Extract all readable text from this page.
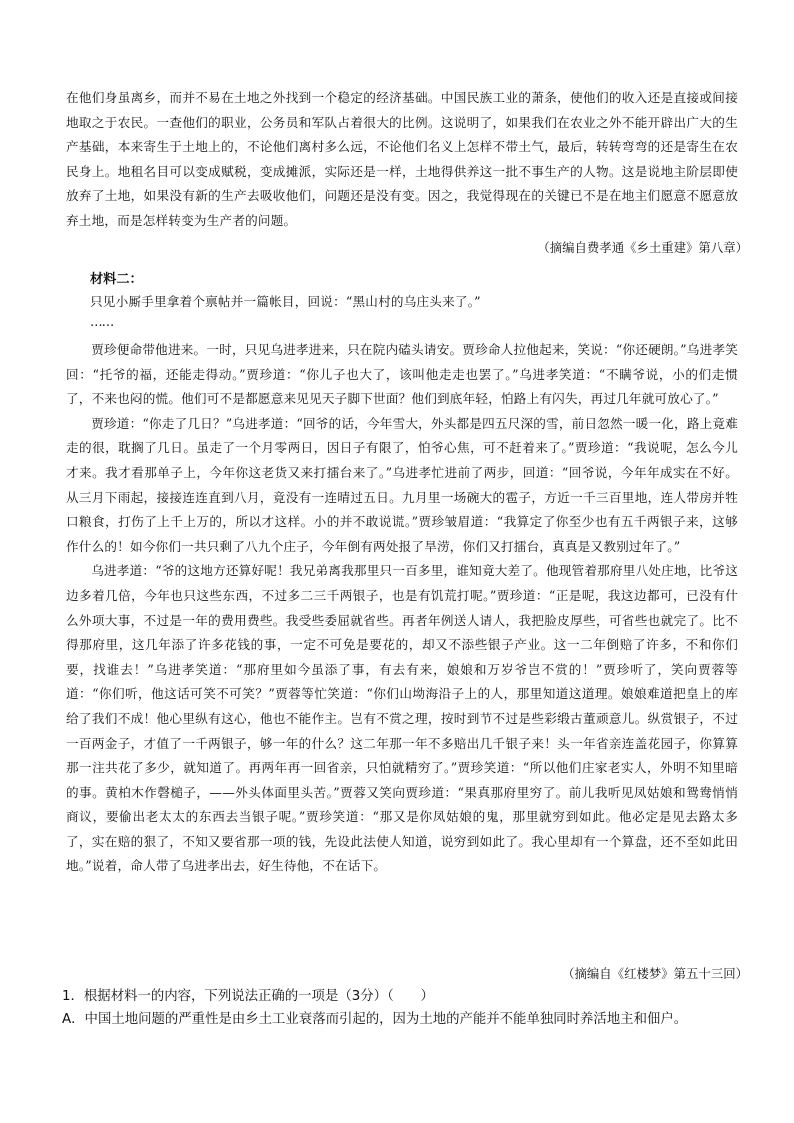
在他们身虽离乡，而并不易在土地之外找到一个稳定的经济基础。中国民族工业的萧条，使他们的收入还是直接或间接地取之于农民。一查他们的职业，公务员和军队占着很大的比例。这说明了，如果我们在农业之外不能开辟出广大的生产基础，本来寄生于土地上的，不论他们离村多么远，不论他们名义上怎样不带土气，最后，转转弯弯的还是寄生在农民身上。地租名目可以变成赋税，变成摊派，实际还是一样，土地得供养这一批不事生产的人物。这是说地主阶层即使放弃了土地，如果没有新的生产去吸收他们，问题还是没有变。因之，我觉得现在的关键已不是在地主们愿意不愿意放弃土地，而是怎样转变为生产者的问题。

（摘编自费孝通《乡土重建》第八章）
材料二：

只见小厮手里拿着个禀帖并一篇帐目，回说：“黑山村的乌庄头来了。”

……

贾珍便命带他进来。一时，只见乌进孝进来，只在院内磕头请安。贾珍命人拉他起来，笑说：“你还硬朗。”乌进孝笑回：“托爷的福，还能走得动。”贾珍道：“你儿子也大了，该叫他走走也罢了。”乌进孝笑道：“不瞒爷说，小的们走惯了，不来也闷的慌。他们可不是都愿意来见见天子脚下世面？他们到底年轻，怕路上有闪失，再过几年就可放心了。”

贾珍道：“你走了几日？”乌进孝道：“回爷的话，今年雪大，外头都是四五尺深的雪，前日忽然一暖一化，路上竟难走的很，耽搁了几日。虽走了一个月零两日，因日子有限了，怕爷心焦，可不赶着来了。”贾珍道：“我说呢，怎么今儿才来。我才看那单子上，今年你这老货又来打擂台来了。”乌进孝忙进前了两步，回道：“回爷说，今年年成实在不好。从三月下雨起，接接连连直到八月，竟没有一连晴过五日。九月里一场碗大的雹子，方近一千三百里地，连人带房并牲口粮食，打伤了上千上万的，所以才这样。小的并不敢说谎。”贾珍皱眉道：“我算定了你至少也有五千两银子来，这够作什么的！如今你们一共只剩了八九个庄子，今年倒有两处报了旱涝，你们又打擂台，真真是又教别过年了。”

乌进孝道：“爷的这地方还算好呢！我兄弟离我那里只一百多里，谁知竟大差了。他现管着那府里八处庄地，比爷这边多着几倍，今年也只这些东西，不过多二三千两银子，也是有饥荒打呢。”贾珍道：“正是呢，我这边都可，已没有什么外项大事，不过是一年的费用费些。我受些委屈就省些。再者年例送人请人，我把脸皮厚些，可省些也就完了。比不得那府里，这几年添了许多花钱的事，一定不可免是要花的，却又不添些银子产业。这一二年倒赔了许多，不和你们要，找谁去！”乌进孝笑道：“那府里如今虽添了事，有去有来，娘娘和万岁爷岂不赏的！”贾珍听了，笑向贾蓉等道：“你们听，他这话可笑不可笑？”贾蓉等忙笑道：“你们山坳海沿子上的人，那里知道这道理。娘娘难道把皇上的库给了我们不成！他心里纵有这心，他也不能作主。岂有不赏之理，按时到节不过是些彩缎古董顽意儿。纵赏银子，不过一百两金子，才值了一千两银子，够一年的什么？这二年那一年不多赔出几千银子来！头一年省亲连盖花园子，你算算那一注共花了多少，就知道了。再两年再一回省亲，只怕就精穷了。”贾珍笑道：“所以他们庄家老实人，外明不知里暗的事。黄柏木作磬槌子，——外头体面里头苦。”贾蓉又笑向贾珍道：“果真那府里穷了。前儿我听见凤姑娘和鸳鸯悄悄商议，要偷出老太太的东西去当银子呢。”贾珍笑道：“那又是你凤姑娘的鬼，那里就穷到如此。他必定是见去路太多了，实在赔的狠了，不知又要省那一项的钱，先设此法使人知道，说穷到如此了。我心里却有一个算盘，还不至如此田地。”说着，命人带了乌进孝出去，好生待他，不在话下。

（摘编自《红楼梦》第五十三回）
1．根据材料一的内容，下列说法正确的一项是（3分）（　　）
A．中国土地问题的严重性是由乡土工业衰落而引起的，因为土地的产能并不能单独同时养活地主和佃户。
